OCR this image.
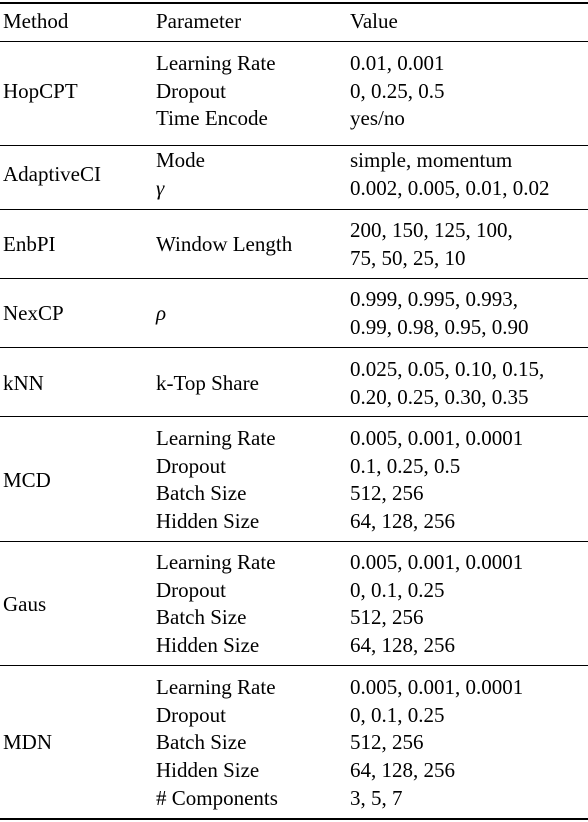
Method	Parameter	Value
HopCPT
Learning Rate	0.01, 0.001
Dropout	0, 0.25, 0.5
Time Encode	yes/no
AdaptiveCI
Mode	simple, momentum
γ	0.002, 0.005, 0.01, 0.02
EnbPI	Window Length
200, 150, 125, 100,
75, 50, 25, 10
NexCP	ρ
0.999, 0.995, 0.993,
0.99, 0.98, 0.95, 0.90
kNN	k-Top Share
0.025, 0.05, 0.10, 0.15,
0.20, 0.25, 0.30, 0.35
MCD
Learning Rate	0.005, 0.001, 0.0001
Dropout	0.1, 0.25, 0.5
Batch Size	512, 256
Hidden Size	64, 128, 256
Gaus
Learning Rate	0.005, 0.001, 0.0001
Dropout	0, 0.1, 0.25
Batch Size	512, 256
Hidden Size	64, 128, 256
MDN
Learning Rate	0.005, 0.001, 0.0001
Dropout	0, 0.1, 0.25
Batch Size	512, 256
Hidden Size	64, 128, 256
# Components	3, 5, 7
